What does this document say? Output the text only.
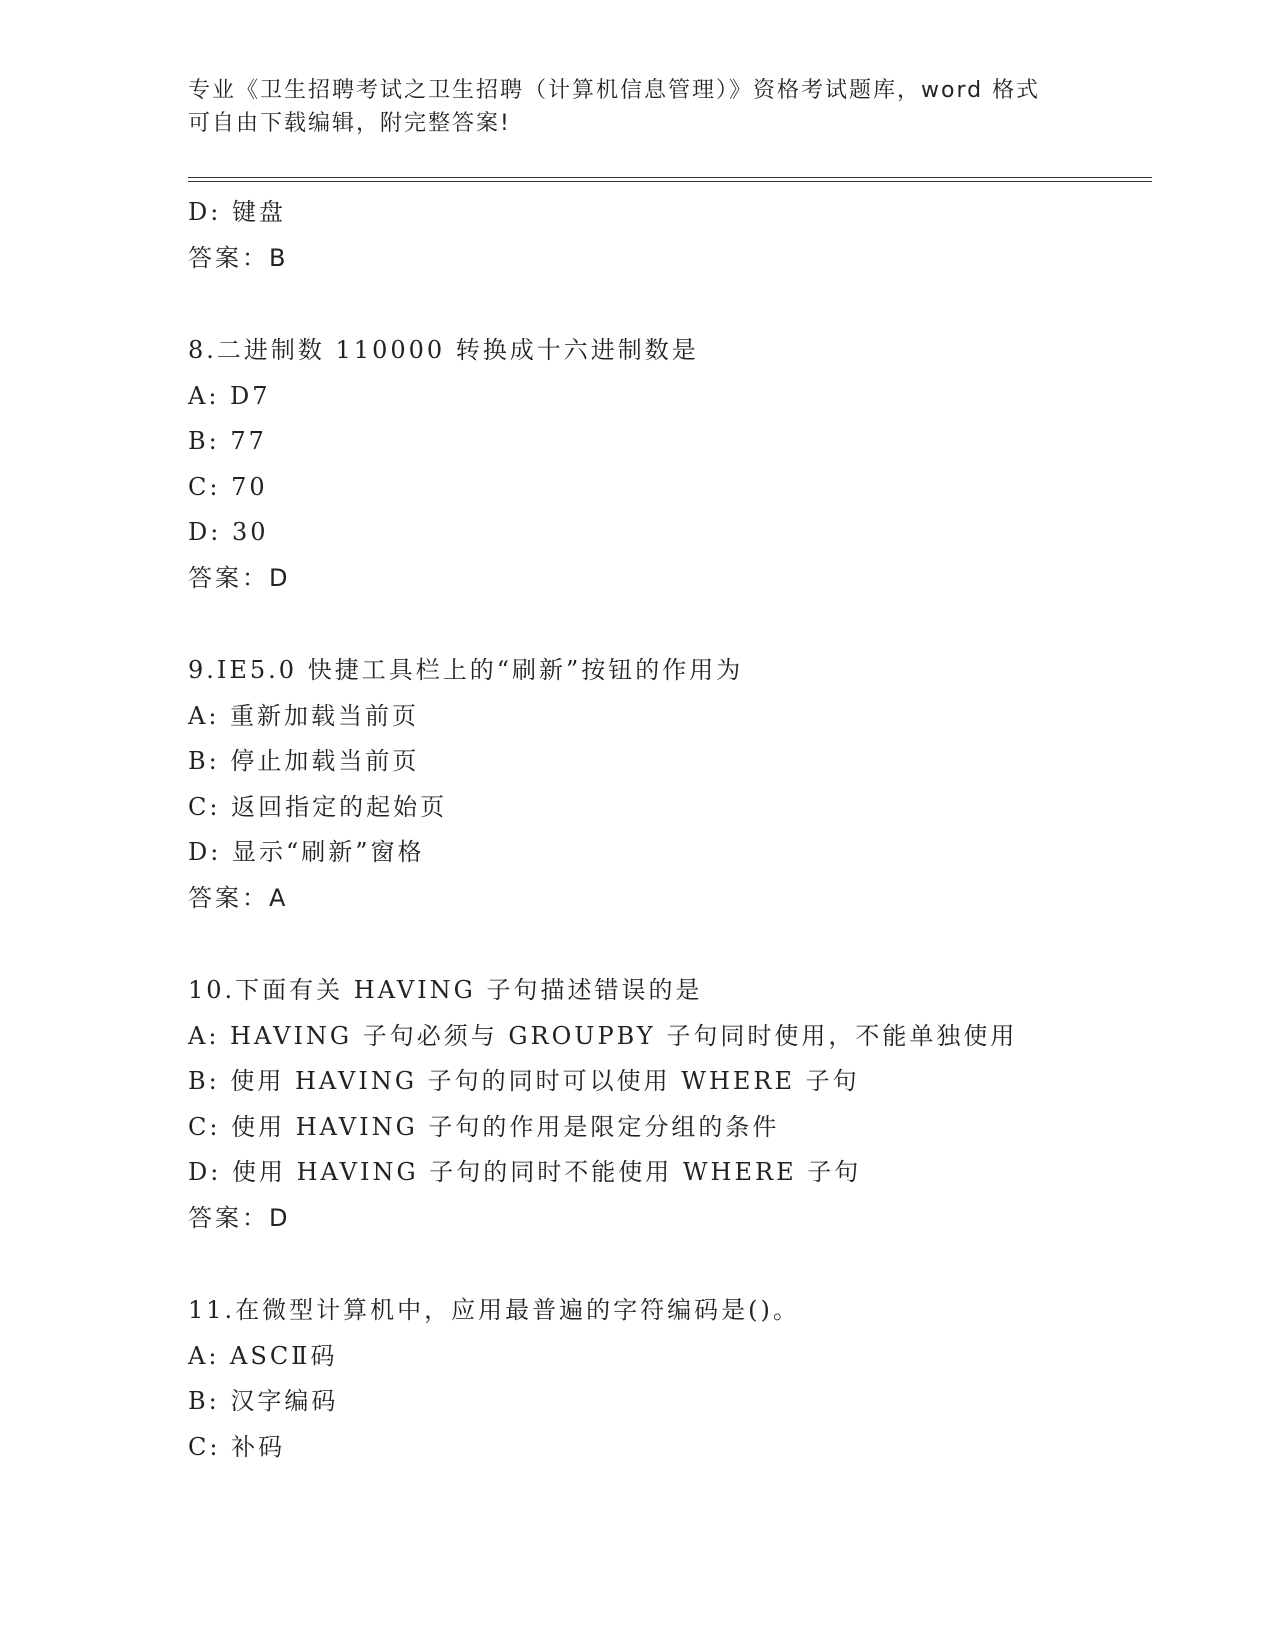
专业《卫生招聘考试之卫生招聘（计算机信息管理）》资格考试题库，word 格式
可自由下载编辑，附完整答案!
D: 键盘
答案：B
8.二进制数 110000 转换成十六进制数是
A: D7
B: 77
C: 70
D: 30
答案：D
9.IE5.0 快捷工具栏上的“刷新”按钮的作用为
A: 重新加载当前页
B: 停止加载当前页
C: 返回指定的起始页
D: 显示“刷新”窗格
答案：A
10.下面有关 HAVING 子句描述错误的是
A: HAVING 子句必须与 GROUPBY 子句同时使用，不能单独使用
B: 使用 HAVING 子句的同时可以使用 WHERE 子句
C: 使用 HAVING 子句的作用是限定分组的条件
D: 使用 HAVING 子句的同时不能使用 WHERE 子句
答案：D
11.在微型计算机中，应用最普遍的字符编码是()。
A: ASCⅡ码
B: 汉字编码
C: 补码
